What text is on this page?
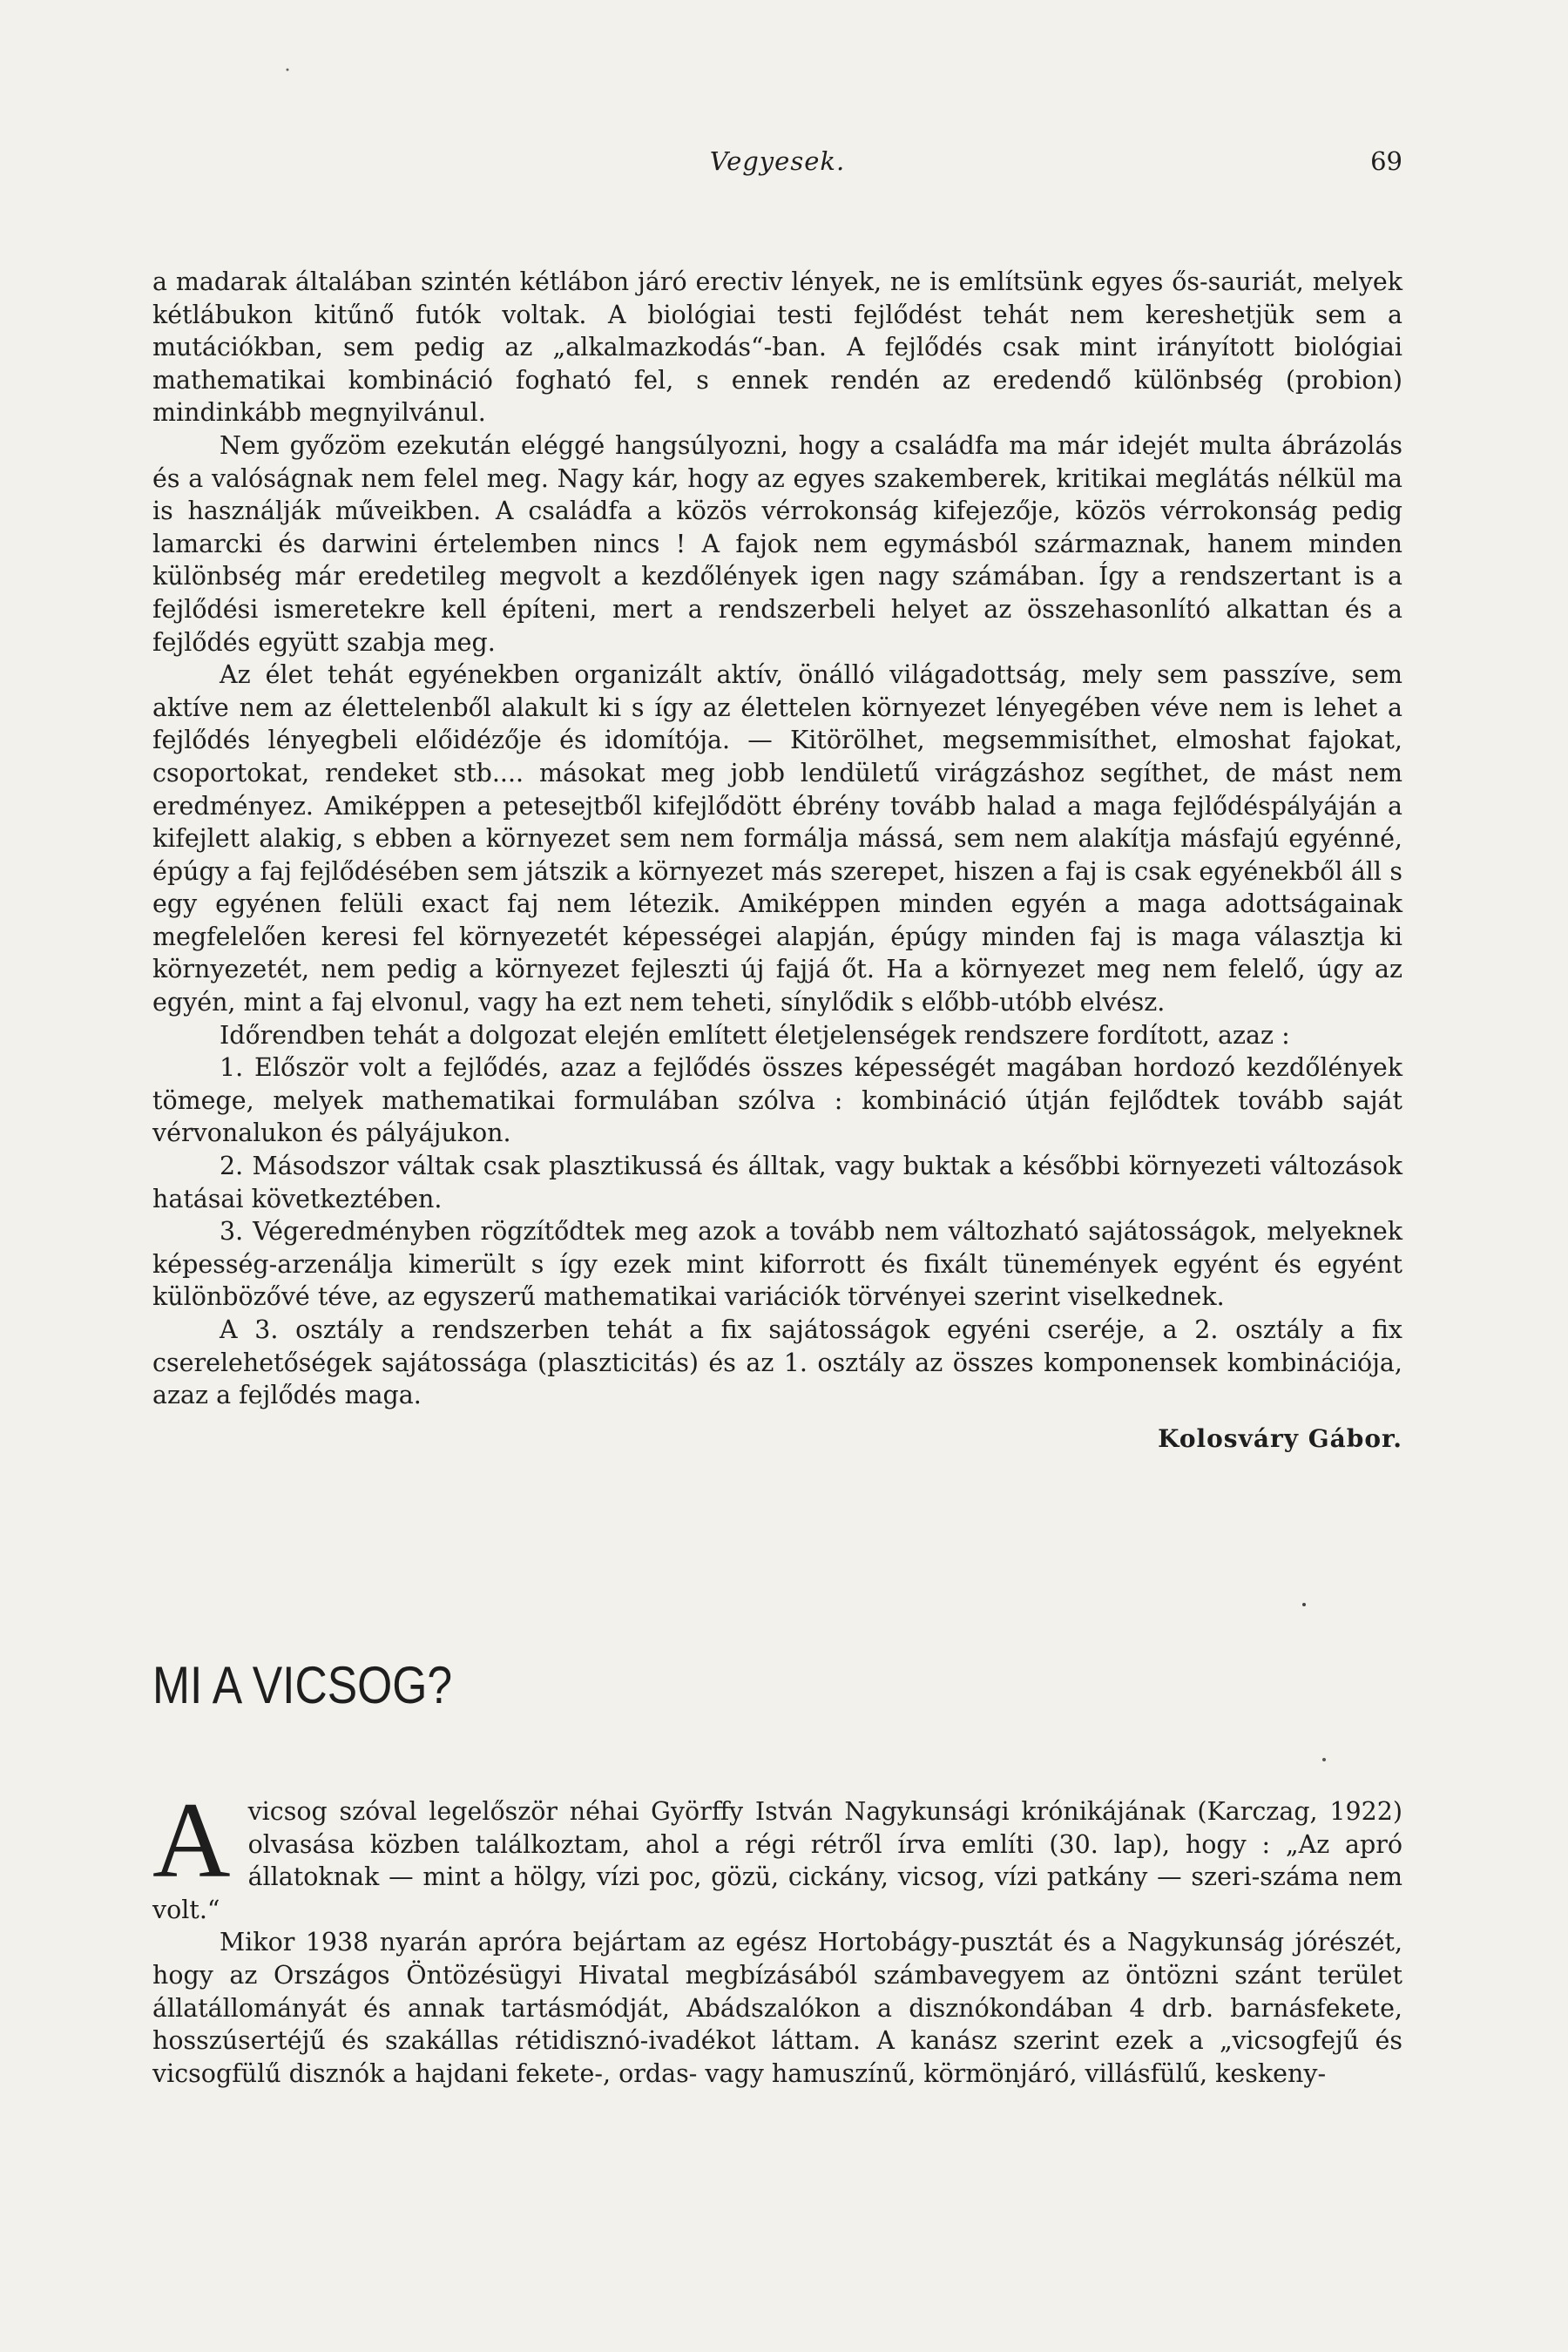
Vegyesek.	69

a madarak általában szintén kétlábon járó erectiv lények, ne is említsünk egyes ős-sauriát, melyek kétlábukon kitűnő futók voltak. A biológiai testi fejlődést tehát nem kereshetjük sem a mutációkban, sem pedig az „alkalmazkodás“-ban. A fejlődés csak mint irányított biológiai mathematikai kombináció fogható fel, s ennek rendén az eredendő különbség (probion) mindinkább megnyilvánul.

Nem győzöm ezekután eléggé hangsúlyozni, hogy a családfa ma már idejét multa ábrázolás és a valóságnak nem felel meg. Nagy kár, hogy az egyes szakemberek, kritikai meglátás nélkül ma is használják műveikben. A családfa a közös vérrokonság kifejezője, közös vérrokonság pedig lamarcki és darwini értelemben nincs ! A fajok nem egymásból származnak, hanem minden különbség már eredetileg megvolt a kezdőlények igen nagy számában. Így a rendszertant is a fejlődési ismeretekre kell építeni, mert a rendszerbeli helyet az összehasonlító alkattan és a fejlődés együtt szabja meg.

Az élet tehát egyénekben organizált aktív, önálló világadottság, mely sem passzíve, sem aktíve nem az élettelenből alakult ki s így az élettelen környezet lényegében véve nem is lehet a fejlődés lényegbeli előidézője és idomítója. — Kitörölhet, megsemmisíthet, elmoshat fajokat, csoportokat, rendeket stb.... másokat meg jobb lendületű virágzáshoz segíthet, de mást nem eredményez. Amiképpen a petesejtből kifejlődött ébrény tovább halad a maga fejlődéspályáján a kifejlett alakig, s ebben a környezet sem nem formálja mássá, sem nem alakítja másfajú egyénné, épúgy a faj fejlődésében sem játszik a környezet más szerepet, hiszen a faj is csak egyénekből áll s egy egyénen felüli exact faj nem létezik. Amiképpen minden egyén a maga adottságainak megfelelően keresi fel környezetét képességei alapján, épúgy minden faj is maga választja ki környezetét, nem pedig a környezet fejleszti új fajjá őt. Ha a környezet meg nem felelő, úgy az egyén, mint a faj elvonul, vagy ha ezt nem teheti, sínylődik s előbb-utóbb elvész.

Időrendben tehát a dolgozat elején említett életjelenségek rendszere fordított, azaz :

1. Először volt a fejlődés, azaz a fejlődés összes képességét magában hordozó kezdőlények tömege, melyek mathematikai formulában szólva : kombináció útján fejlődtek tovább saját vérvonalukon és pályájukon.

2. Másodszor váltak csak plasztikussá és álltak, vagy buktak a későbbi környezeti változások hatásai következtében.

3. Végeredményben rögzítődtek meg azok a tovább nem változható sajátosságok, melyeknek képesség-arzenálja kimerült s így ezek mint kiforrott és fixált tünemények egyént és egyént különbözővé téve, az egyszerű mathematikai variációk törvényei szerint viselkednek.

A 3. osztály a rendszerben tehát a fix sajátosságok egyéni cseréje, a 2. osztály a fix cserelehetőségek sajátossága (plaszticitás) és az 1. osztály az összes komponensek kombinációja, azaz a fejlődés maga.

Kolosváry Gábor.
MI A VICSOG?

Avicsog szóval legelőször néhai Györffy István Nagykunsági krónikájának (Karczag, 1922) olvasása közben találkoztam, ahol a régi rétről írva említi (30. lap), hogy : „Az apró állatoknak — mint a hölgy, vízi poc, gözü, cickány, vicsog, vízi patkány — szeri-száma nem volt.“

Mikor 1938 nyarán apróra bejártam az egész Hortobágy-pusztát és a Nagykunság jórészét, hogy az Országos Öntözésügyi Hivatal megbízásából számbavegyem az öntözni szánt terület állatállományát és annak tartásmódját, Abádszalókon a disznókondában 4 drb. barnásfekete, hosszúsertéjű és szakállas rétidisznó-ivadékot láttam. A kanász szerint ezek a „vicsogfejű és vicsogfülű disznók a hajdani fekete-, ordas- vagy hamuszínű, körmönjáró, villásfülű, keskeny-
